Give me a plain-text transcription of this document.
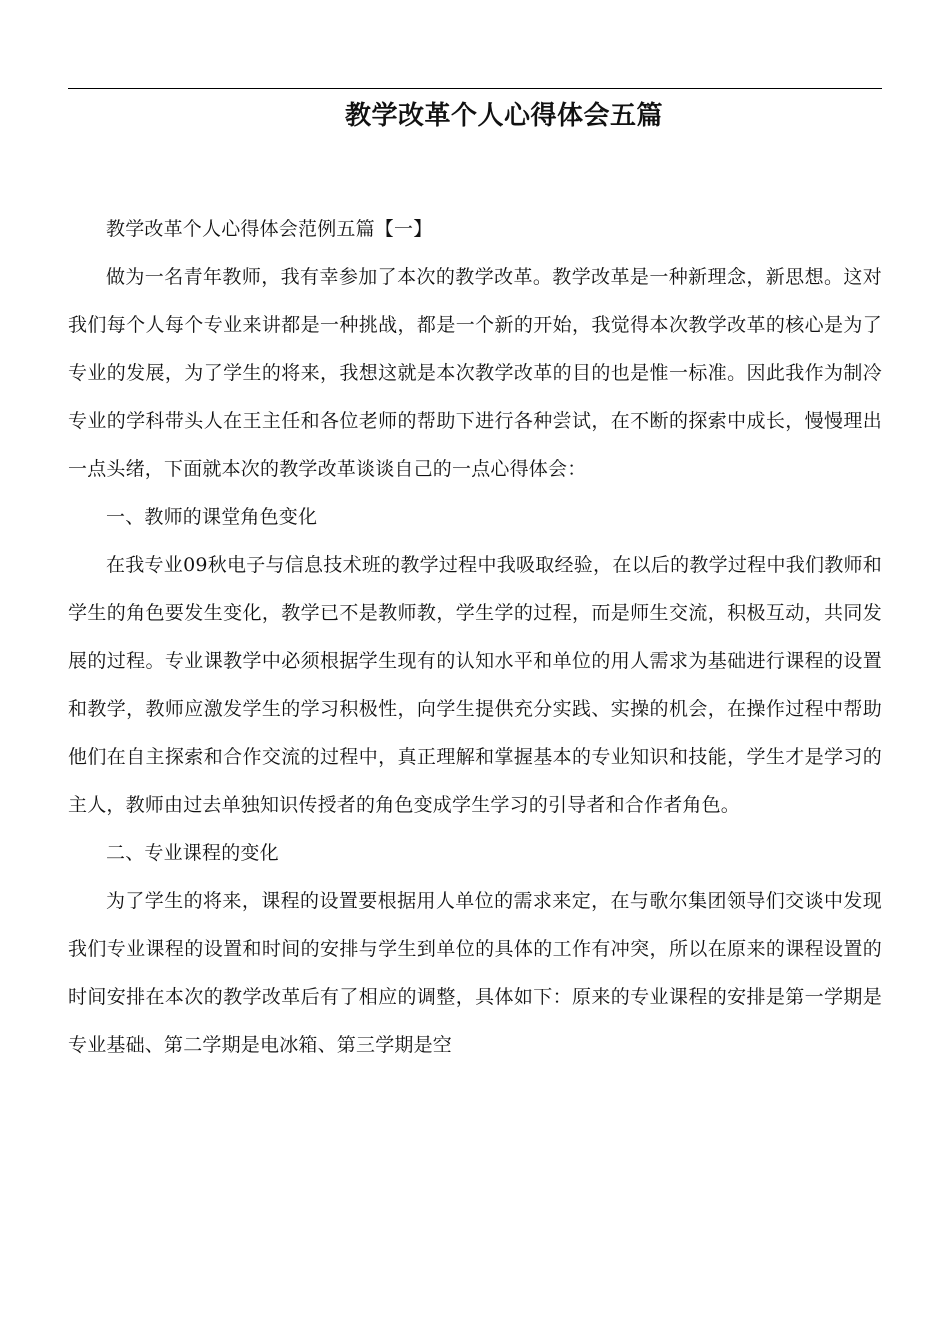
教学改革个人心得体会五篇

教学改革个人心得体会范例五篇【一】

做为一名青年教师，我有幸参加了本次的教学改革。教学改革是一种新理念，新思想。这对我们每个人每个专业来讲都是一种挑战，都是一个新的开始，我觉得本次教学改革的核心是为了专业的发展，为了学生的将来，我想这就是本次教学改革的目的也是惟一标准。因此我作为制冷专业的学科带头人在王主任和各位老师的帮助下进行各种尝试，在不断的探索中成长，慢慢理出一点头绪，下面就本次的教学改革谈谈自己的一点心得体会：

一、教师的课堂角色变化

在我专业09秋电子与信息技术班的教学过程中我吸取经验，在以后的教学过程中我们教师和学生的角色要发生变化，教学已不是教师教，学生学的过程，而是师生交流，积极互动，共同发展的过程。专业课教学中必须根据学生现有的认知水平和单位的用人需求为基础进行课程的设置和教学，教师应激发学生的学习积极性，向学生提供充分实践、实操的机会，在操作过程中帮助他们在自主探索和合作交流的过程中，真正理解和掌握基本的专业知识和技能，学生才是学习的主人，教师由过去单独知识传授者的角色变成学生学习的引导者和合作者角色。

二、专业课程的变化

为了学生的将来，课程的设置要根据用人单位的需求来定，在与歌尔集团领导们交谈中发现我们专业课程的设置和时间的安排与学生到单位的具体的工作有冲突，所以在原来的课程设置的时间安排在本次的教学改革后有了相应的调整，具体如下：原来的专业课程的安排是第一学期是专业基础、第二学期是电冰箱、第三学期是空
